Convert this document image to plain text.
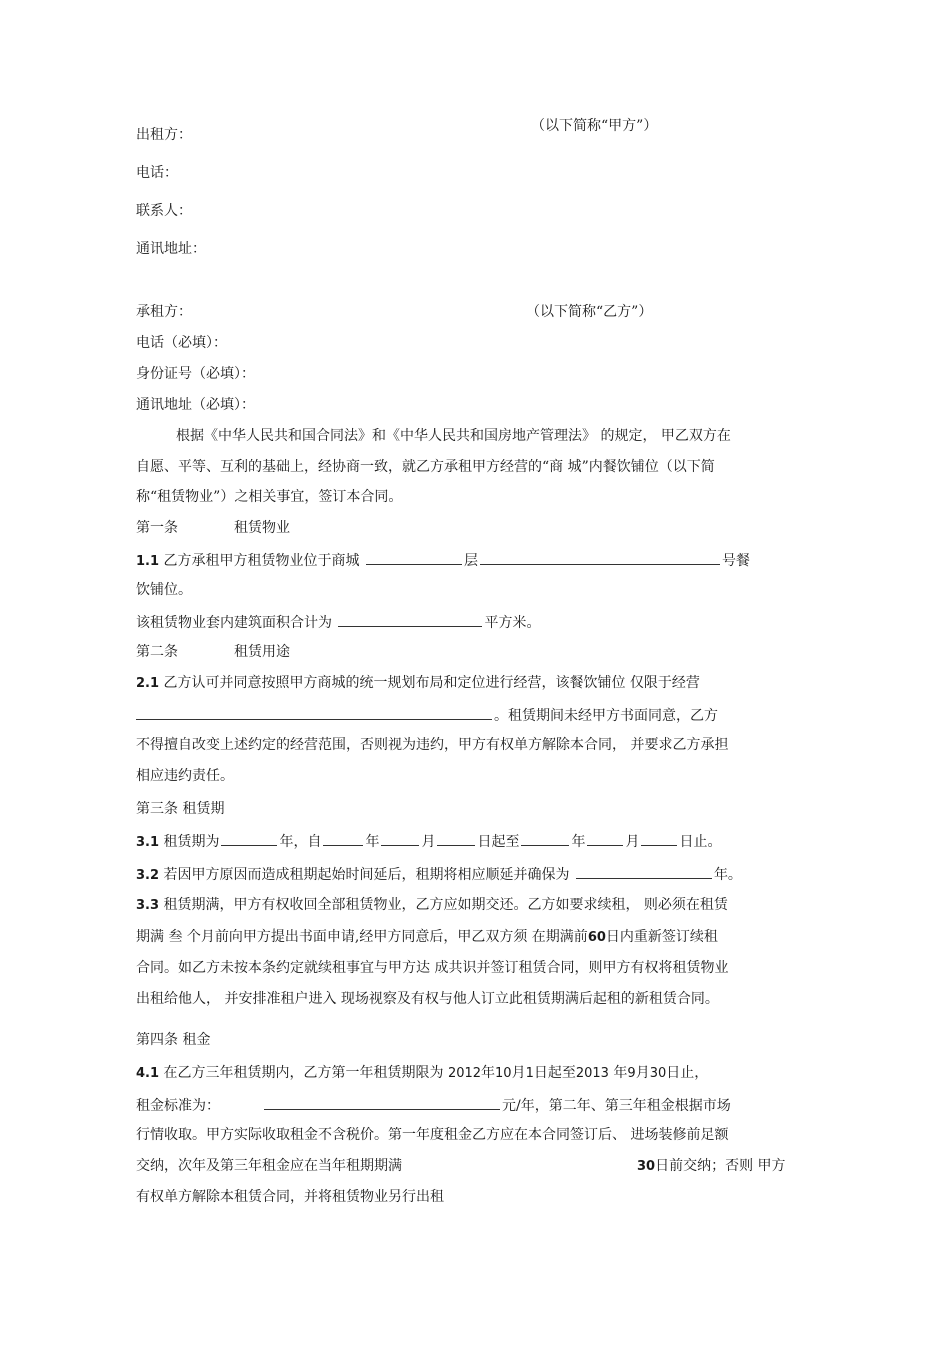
出租方：
（以下简称“甲方”）
电话：
联系人：
通讯地址：
承租方：	（以下简称“乙方”）
电话（必填）：
身份证号（必填）：
通讯地址（必填）：
根据《中华人民共和国合同法》和《中华人民共和国房地产管理法》 的规定， 甲乙双方在
自愿、平等、互利的基础上，经协商一致，就乙方承租甲方经营的“商 城”内餐饮铺位（以下简
称“租赁物业”）之相关事宜，签订本合同。
第一条	租赁物业
1.1 乙方承租甲方租赁物业位于商城	层	号餐
饮铺位。
该租赁物业套内建筑面积合计为	平方米。
第二条	租赁用途
2.1 乙方认可并同意按照甲方商城的统一规划布局和定位进行经营，该餐饮铺位 仅限于经营
。租赁期间未经甲方书面同意，乙方
不得擅自改变上述约定的经营范围，否则视为违约，甲方有权单方解除本合同， 并要求乙方承担
相应违约责任。
第三条 租赁期
3.1 租赁期为	年，自	年	月	日起至	年	月	日止。
3.2 若因甲方原因而造成租期起始时间延后，租期将相应顺延并确保为	年。
3.3 租赁期满，甲方有权收回全部租赁物业，乙方应如期交还。乙方如要求续租， 则必须在租赁
期满 叁 个月前向甲方提出书面申请,经甲方同意后，甲乙双方须 在期满前60日内重新签订续租
合同。如乙方未按本条约定就续租事宜与甲方达 成共识并签订租赁合同，则甲方有权将租赁物业
出租给他人， 并安排准租户进入 现场视察及有权与他人订立此租赁期满后起租的新租赁合同。
第四条 租金
4.1 在乙方三年租赁期内，乙方第一年租赁期限为 2012年10月1日起至2013 年9月30日止，
租金标准为：	元/年，第二年、第三年租金根据市场
行情收取。甲方实际收取租金不含税价。第一年度租金乙方应在本合同签订后、 进场装修前足额
交纳，次年及第三年租金应在当年租期期满	30日前交纳；否则 甲方
有权单方解除本租赁合同，并将租赁物业另行出租
